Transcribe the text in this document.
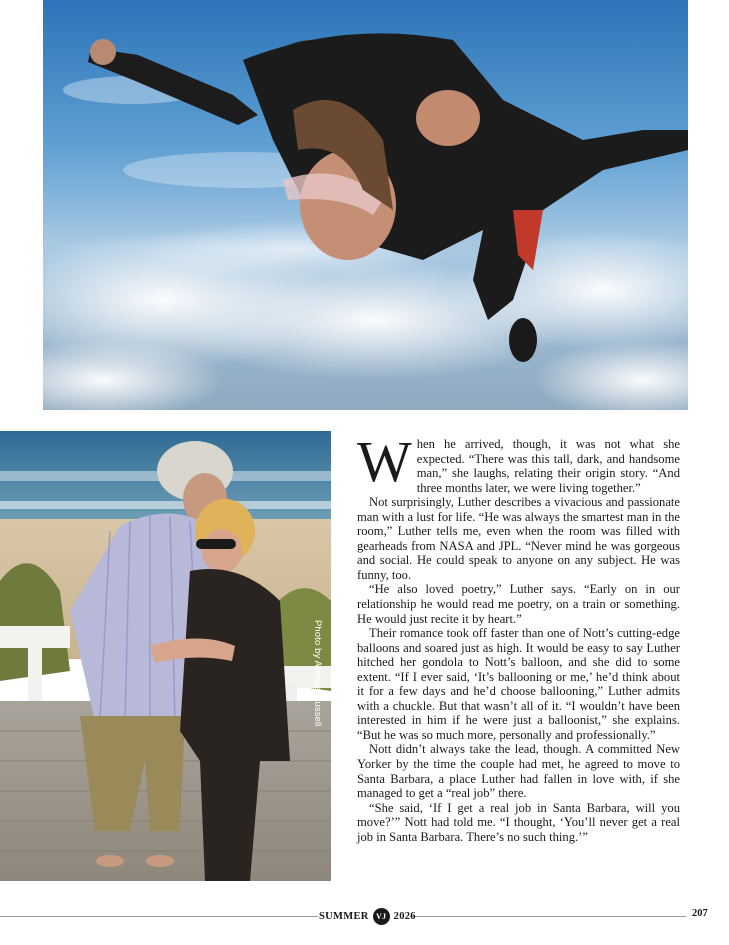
Photo by Andrea Russell

When he arrived, though, it was not what she expected. “There was this tall, dark, and handsome man,” she laughs, relating their origin story. “And three months later, we were living together.”

Not surprisingly, Luther describes a vivacious and passionate man with a lust for life. “He was always the smartest man in the room,” Luther tells me, even when the room was filled with gearheads from NASA and JPL. “Never mind he was gorgeous and social. He could speak to anyone on any subject. He was funny, too.

“He also loved poetry,” Luther says. “Early on in our relationship he would read me poetry, on a train or something. He would just recite it by heart.”

Their romance took off faster than one of Nott’s cutting-edge balloons and soared just as high. It would be easy to say Luther hitched her gondola to Nott’s balloon, and she did to some extent. “If I ever said, ‘It’s ballooning or me,’ he’d think about it for a few days and he’d choose ballooning,” Luther admits with a chuckle. But that wasn’t all of it. “I wouldn’t have been interested in him if he were just a balloonist,” she explains. “But he was so much more, personally and professionally.”

Nott didn’t always take the lead, though. A committed New Yorker by the time the couple had met, he agreed to move to Santa Barbara, a place Luther had fallen in love with, if she managed to get a “real job” there.

“She said, ‘If I get a real job in Santa Barbara, will you move?’” Nott had told me. “I thought, ‘You’ll never get a real job in Santa Barbara. There’s no such thing.’”

SUMMER VJ 2026	207
